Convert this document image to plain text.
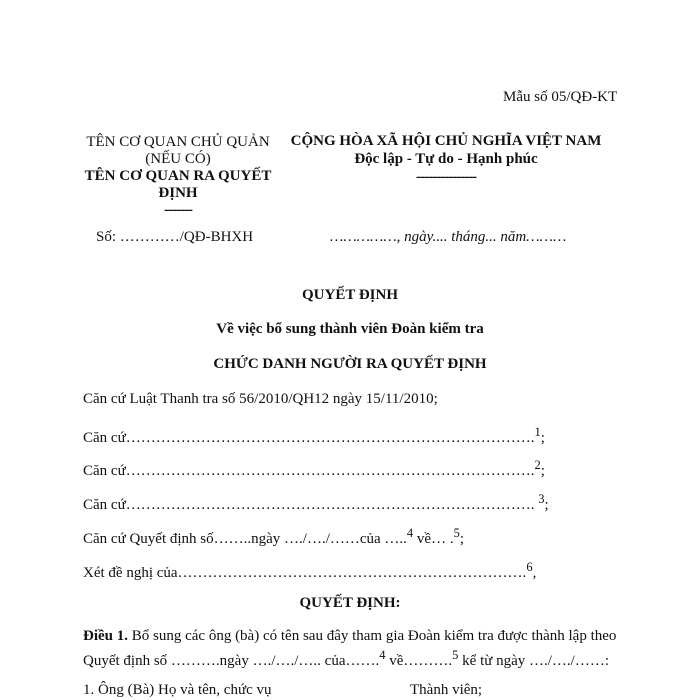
Mẫu số 05/QĐ-KT
TÊN CƠ QUAN CHỦ QUẢN
(NẾU CÓ)
TÊN CƠ QUAN RA QUYẾT
ĐỊNH
-------
CỘNG HÒA XÃ HỘI CHỦ NGHĨA VIỆT NAM
Độc lập - Tự do - Hạnh phúc
---------------
Số: …………/QĐ-BHXH	……………, ngày.... tháng... năm………
QUYẾT ĐỊNH
Về việc bổ sung thành viên Đoàn kiểm tra
CHỨC DANH NGƯỜI RA QUYẾT ĐỊNH
Căn cứ Luật Thanh tra số 56/2010/QH12 ngày 15/11/2010;
Căn cứ……………………………………………………………………….$^1$;
Căn cứ……………………………………………………………………….$^2$;
Căn cứ………………………………………………………………………. $^3$;
Căn cứ Quyết định số……..ngày …./…./……của …..$^4$ về… .$^5$;
Xét đề nghị của…………………………………………………………….$^6$,
QUYẾT ĐỊNH:
Điều 1. Bổ sung các ông (bà) có tên sau đây tham gia Đoàn kiểm tra được thành lập theo Quyết định số ……….ngày …./…./….. của…….$^4$ về……….$^5$ kể từ ngày …./…./……:
1. Ông (Bà) Họ và tên, chức vụ	Thành viên;
